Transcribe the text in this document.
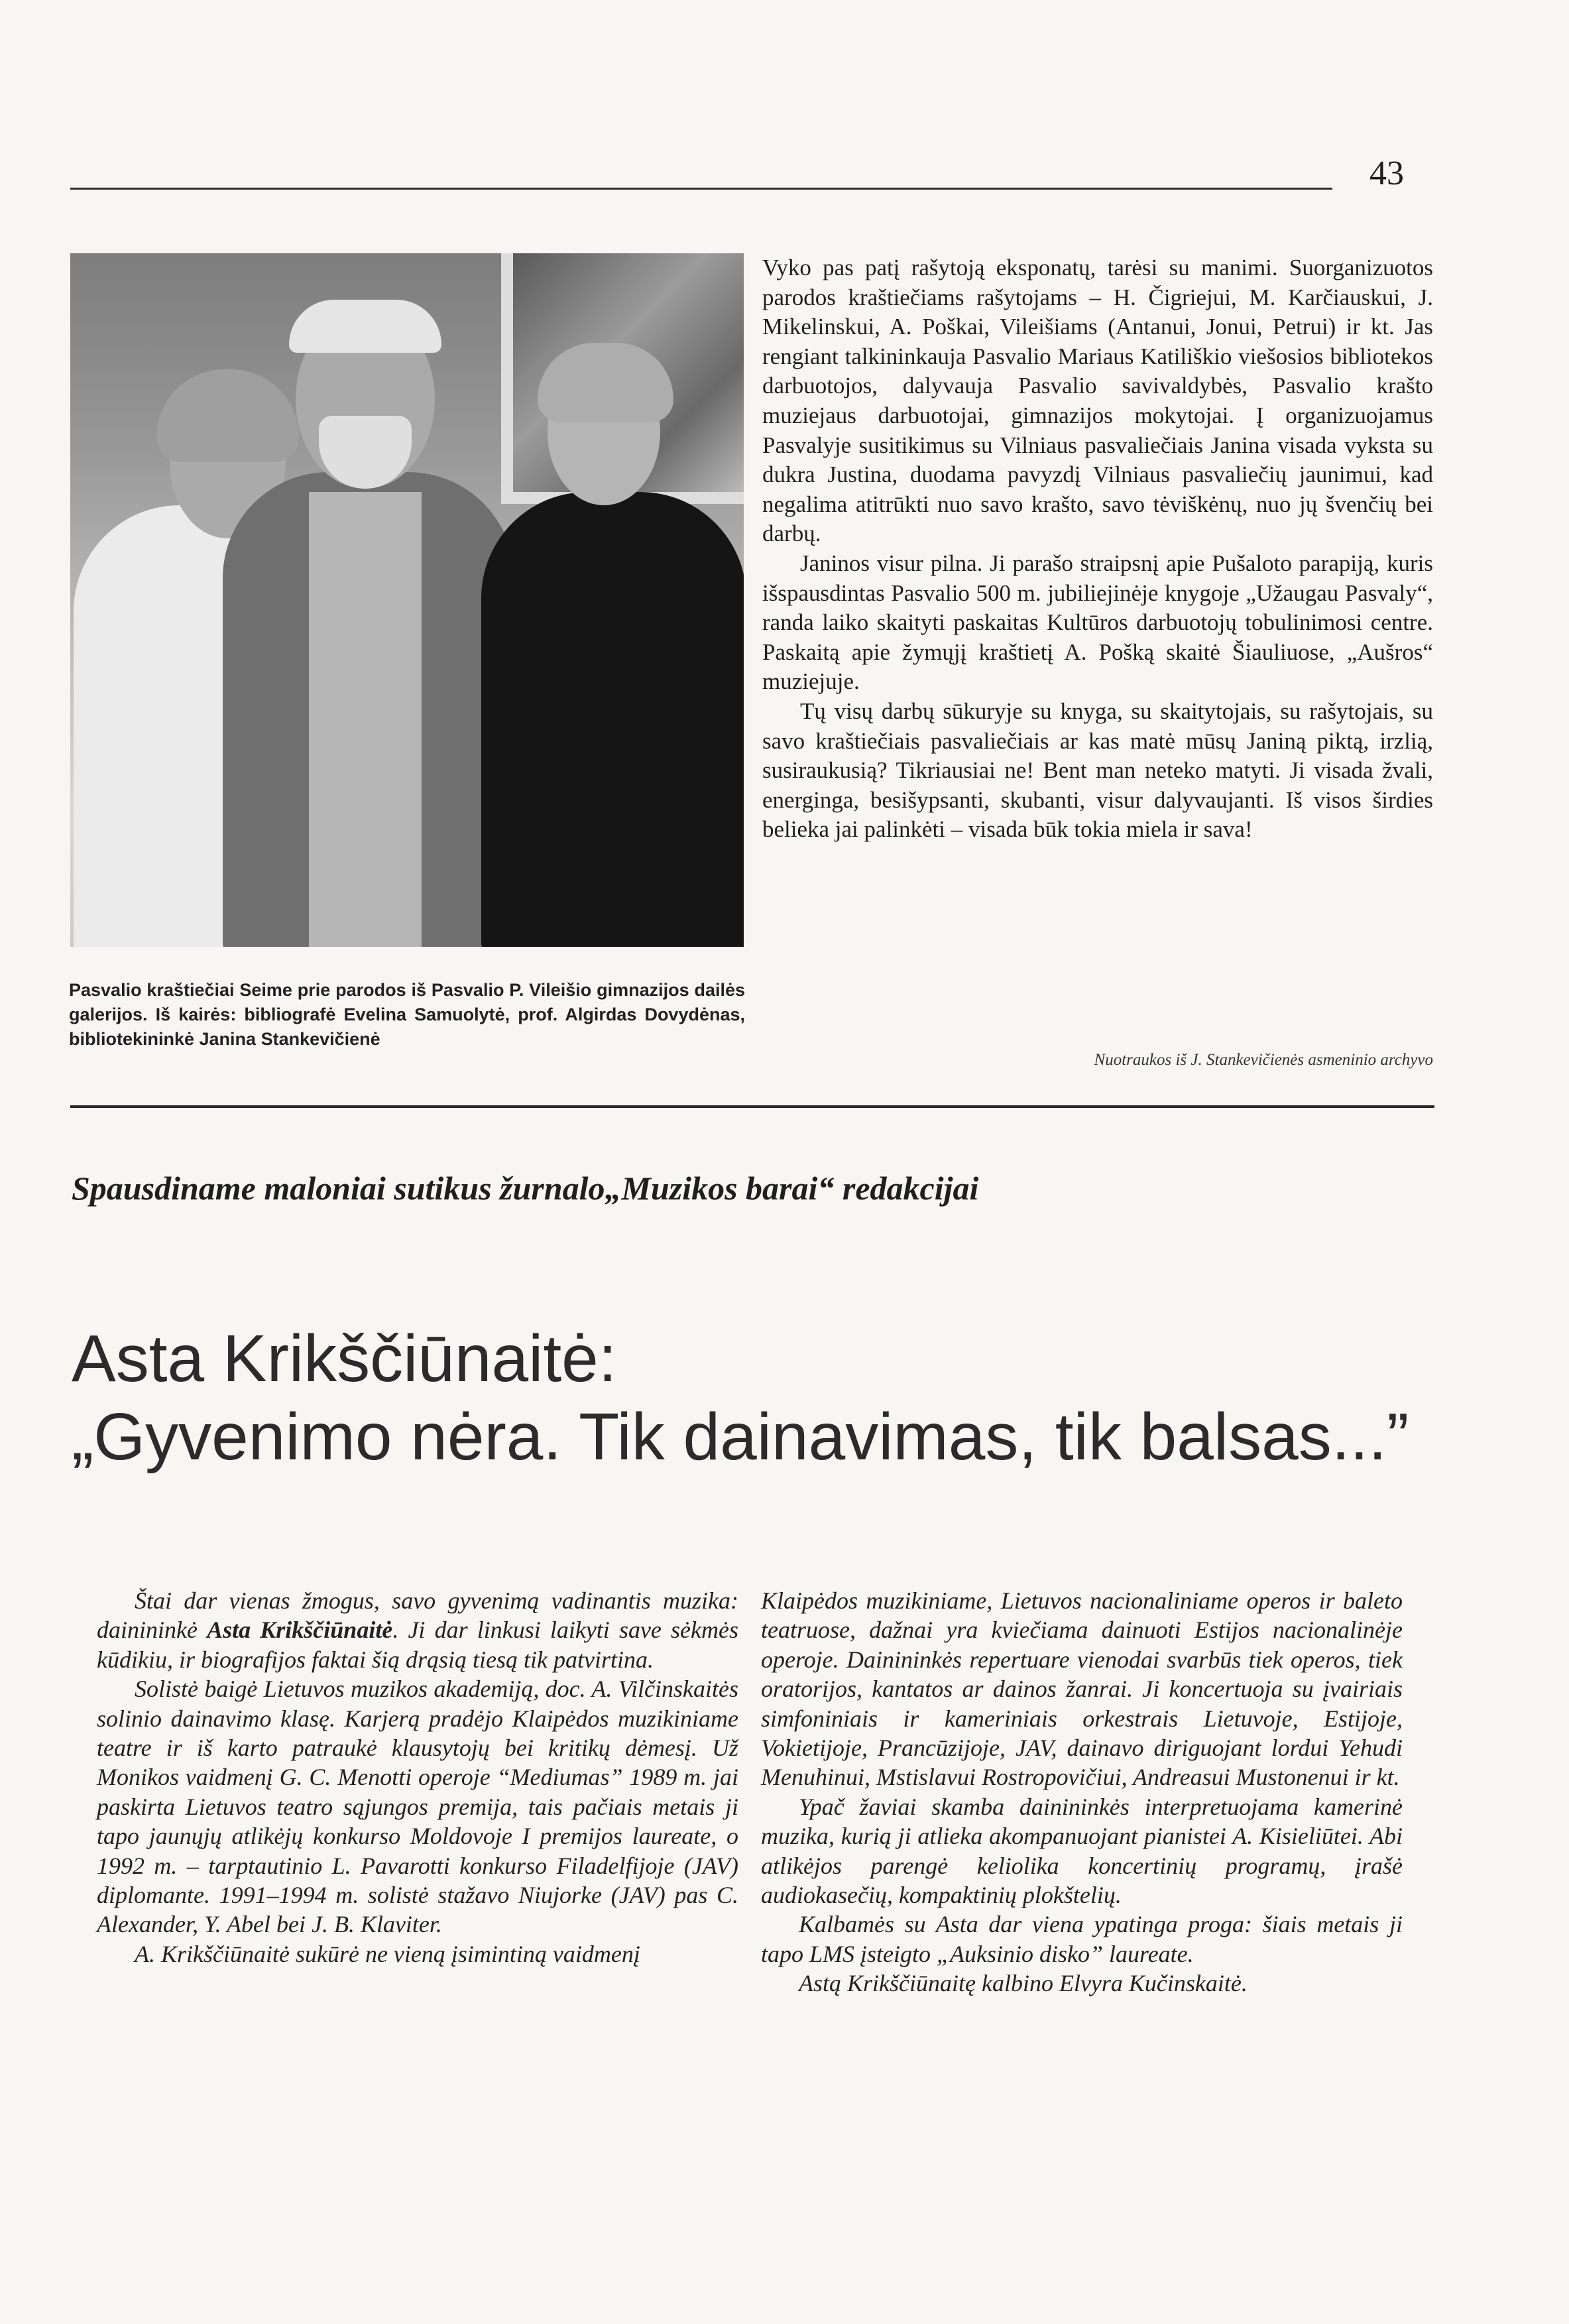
43
Pasvalio kraštiečiai Seime prie parodos iš Pasvalio P. Vileišio gimnazijos dailės galerijos. Iš kairės: bibliografė Evelina Samuolytė, prof. Algirdas Dovydėnas, bibliotekininkė Janina Stankevičienė

Vyko pas patį rašytoją eksponatų, tarėsi su manimi. Suorganizuotos parodos kraštiečiams rašytojams – H. Čigriejui, M. Karčiauskui, J. Mikelinskui, A. Poškai, Vileišiams (Antanui, Jonui, Petrui) ir kt. Jas rengiant talkininkauja Pasvalio Mariaus Katiliškio viešosios bibliotekos darbuotojos, dalyvauja Pasvalio savivaldybės, Pasvalio krašto muziejaus darbuotojai, gimnazijos mokytojai. Į organizuojamus Pasvalyje susitikimus su Vilniaus pasvaliečiais Janina visada vyksta su dukra Justina, duodama pavyzdį Vilniaus pasvaliečių jaunimui, kad negalima atitrūkti nuo savo krašto, savo tėviškėnų, nuo jų švenčių bei darbų.

Janinos visur pilna. Ji parašo straipsnį apie Pušaloto parapiją, kuris išspausdintas Pasvalio 500 m. jubiliejinėje knygoje „Užaugau Pasvaly“, randa laiko skaityti paskaitas Kultūros darbuotojų tobulinimosi centre. Paskaitą apie žymųjį kraštietį A. Pošką skaitė Šiauliuose, „Aušros“ muziejuje.

Tų visų darbų sūkuryje su knyga, su skaitytojais, su rašytojais, su savo kraštiečiais pasvaliečiais ar kas matė mūsų Janiną piktą, irzlią, susiraukusią? Tikriausiai ne! Bent man neteko matyti. Ji visada žvali, energinga, besišypsanti, skubanti, visur dalyvaujanti. Iš visos širdies belieka jai palinkėti – visada būk tokia miela ir sava!

Nuotraukos iš J. Stankevičienės asmeninio archyvo
Spausdiname maloniai sutikus žurnalo„Muzikos barai“ redakcijai
Asta Krikščiūnaitė:
„Gyvenimo nėra. Tik dainavimas, tik balsas...”

Štai dar vienas žmogus, savo gyvenimą vadinantis muzika: dainininkė Asta Krikščiūnaitė. Ji dar linkusi laikyti save sėkmės kūdikiu, ir biografijos faktai šią drąsią tiesą tik patvirtina.

Solistė baigė Lietuvos muzikos akademiją, doc. A. Vilčinskaitės solinio dainavimo klasę. Karjerą pradėjo Klaipėdos muzikiniame teatre ir iš karto patraukė klausytojų bei kritikų dėmesį. Už Monikos vaidmenį G. C. Menotti operoje “Mediumas” 1989 m. jai paskirta Lietuvos teatro sąjungos premija, tais pačiais metais ji tapo jaunųjų atlikėjų konkurso Moldovoje I premijos laureate, o 1992 m. – tarptautinio L. Pavarotti konkurso Filadelfijoje (JAV) diplomante. 1991–1994 m. solistė stažavo Niujorke (JAV) pas C. Alexander, Y. Abel bei J. B. Klaviter.

A. Krikščiūnaitė sukūrė ne vieną įsimintiną vaidmenį

Klaipėdos muzikiniame, Lietuvos nacionaliniame operos ir baleto teatruose, dažnai yra kviečiama dainuoti Estijos nacionalinėje operoje. Dainininkės repertuare vienodai svarbūs tiek operos, tiek oratorijos, kantatos ar dainos žanrai. Ji koncertuoja su įvairiais simfoniniais ir kameriniais orkestrais Lietuvoje, Estijoje, Vokietijoje, Prancūzijoje, JAV, dainavo diriguojant lordui Yehudi Menuhinui, Mstislavui Rostropovičiui, Andreasui Mustonenui ir kt.

Ypač žaviai skamba dainininkės interpretuojama kamerinė muzika, kurią ji atlieka akompanuojant pianistei A. Kisieliūtei. Abi atlikėjos parengė keliolika koncertinių programų, įrašė audiokasečių, kompaktinių plokštelių.

Kalbamės su Asta dar viena ypatinga proga: šiais metais ji tapo LMS įsteigto „Auksinio disko” laureate.

Astą Krikščiūnaitę kalbino Elvyra Kučinskaitė.
